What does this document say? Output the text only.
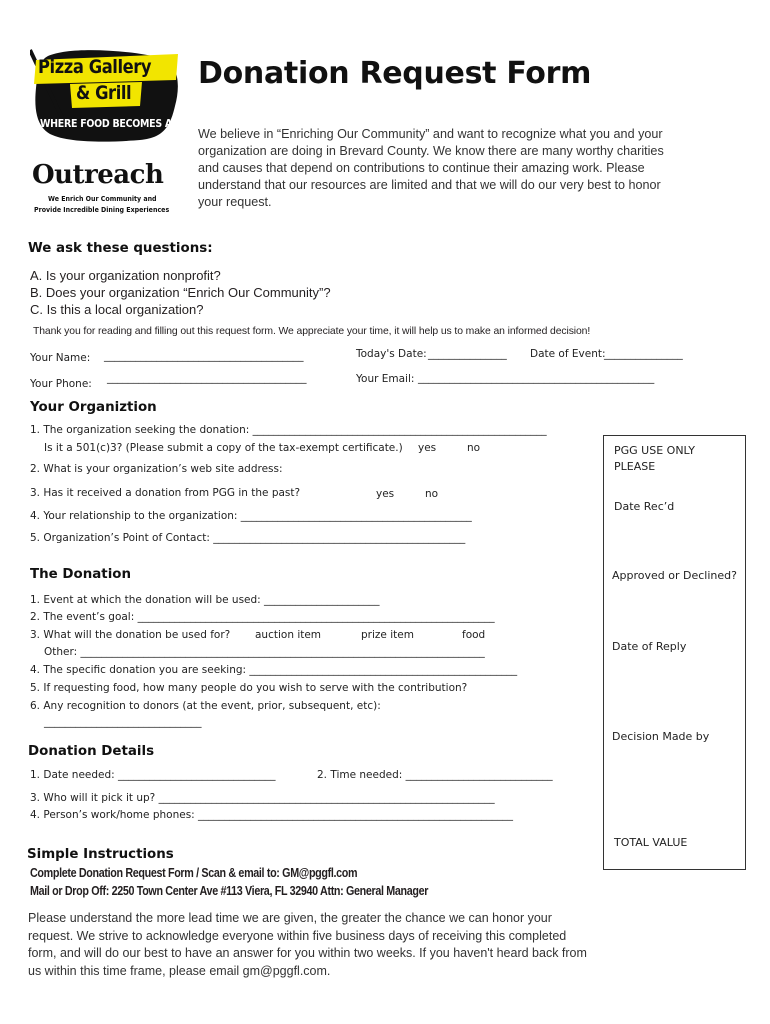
Pizza Gallery
& Grill
WHERE FOOD BECOMES ART
Outreach
We Enrich Our Community and
Provide Incredible Dining Experiences
Donation Request Form
We believe in “Enriching Our Community” and want to recognize what you and your organization are doing in Brevard County. We know there are many worthy charities and causes that depend on contributions to continue their amazing work. Please understand that our resources are limited and that we will do our very best to honor your request.
We ask these questions:
A. Is your organization nonprofit?
B. Does your organization “Enrich Our Community”?
C. Is this a local organization?
Thank you for reading and filling out this request form. We appreciate your time, it will help us to make an informed decision!
Your Name: ______________________________________	Today's Date: _______________ Date of Event:
_______________
Your Phone: ______________________________________	Your Email: _____________________________________________
Your Organiztion
1. The organization seeking the donation: ________________________________________________________
Is it a 501(c)3? (Please submit a copy of the tax-exempt certificate.) yes	no
2. What is your organization’s web site address:
3. Has it received a donation from PGG in the past?	yes	no
4. Your relationship to the organization: ____________________________________________
5. Organization’s Point of Contact: ________________________________________________
PGG USE ONLY
PLEASE
Date Rec’d
Approved or Declined?
Date of Reply
Decision Made by
TOTAL VALUE
The Donation
1. Event at which the donation will be used: ______________________
2. The event’s goal: ____________________________________________________________________
3. What will the donation be used for? auction item	prize item	food
Other: _____________________________________________________________________________
4. The specific donation you are seeking: ___________________________________________________
5. If requesting food, how many people do you wish to serve with the contribution?
6. Any recognition to donors (at the event, prior, subsequent, etc):
______________________________
Donation Details
1. Date needed: ______________________________	2. Time needed: ____________________________
3. Who will it pick it up? ________________________________________________________________
4. Person’s work/home phones: ____________________________________________________________
Simple Instructions
Complete Donation Request Form / Scan & email to: GM@pggfl.com
Mail or Drop Off: 2250 Town Center Ave #113 Viera, FL 32940 Attn: General Manager
Please understand the more lead time we are given, the greater the chance we can honor your request. We strive to acknowledge everyone within five business days of receiving this completed form, and will do our best to have an answer for you within two weeks. If you haven't heard back from us within this time frame, please email gm@pggfl.com.
